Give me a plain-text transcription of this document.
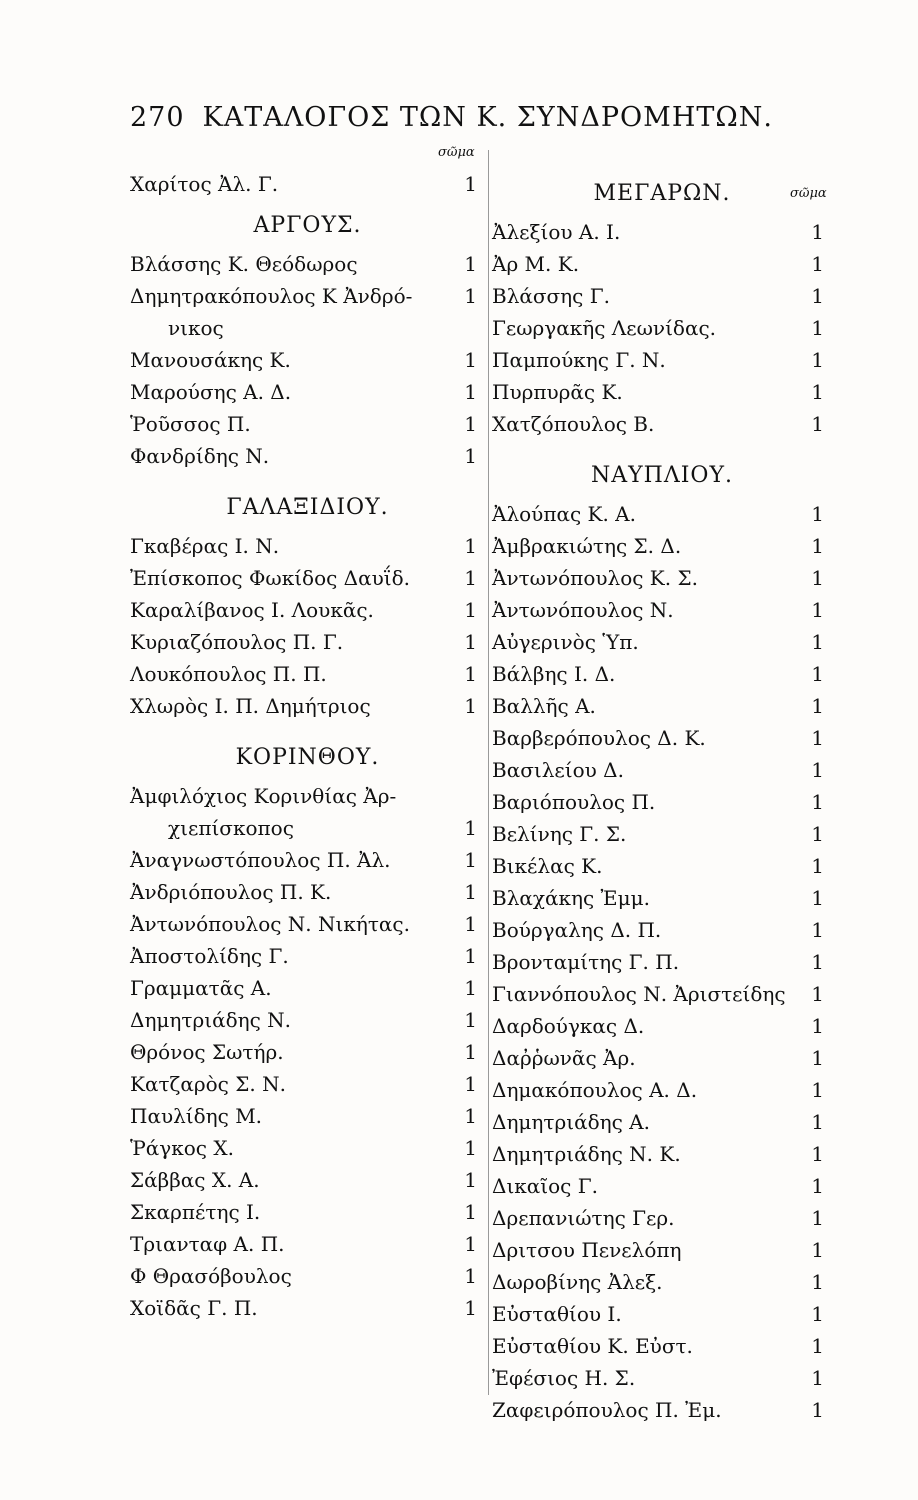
270 ΚΑΤΑΛΟΓΟΣ ΤΩΝ Κ. ΣΥΝΔΡΟΜΗΤΩΝ.
σῶμα
σῶμα
Χαρίτος Ἀλ. Γ.	1
ΑΡΓΟΥΣ.
Βλάσσης Κ. Θεόδωρος	1
Δημητρακόπουλος Κ Ἀνδρό-	1
νικος
Μανουσάκης Κ.	1
Μαρούσης Α. Δ.	1
Ῥοῦσσος Π.	1
Φανδρίδης Ν.	1
ΓΑΛΑΞΙΔΙΟΥ.
Γκαβέρας Ι. Ν.	1
Ἐπίσκοπος Φωκίδος Δαυΐδ.	1
Καραλίβανος Ι. Λουκᾶς.	1
Κυριαζόπουλος Π. Γ.	1
Λουκόπουλος Π. Π.	1
Χλωρὸς Ι. Π. Δημήτριος	1
ΚΟΡΙΝΘΟΥ.
Ἀμφιλόχιος Κορινθίας Ἀρ-
χιεπίσκοπος	1
Ἀναγνωστόπουλος Π. Ἀλ.	1
Ἀνδριόπουλος Π. Κ.	1
Ἀντωνόπουλος Ν. Νικήτας.	1
Ἀποστολίδης Γ.	1
Γραμματᾶς Α.	1
Δημητριάδης Ν.	1
Θρόνος Σωτήρ.	1
Κατζαρὸς Σ. Ν.	1
Παυλίδης Μ.	1
Ῥάγκος Χ.	1
Σάββας Χ. Α.	1
Σκαρπέτης Ι.	1
Τριανταφ Α. Π.	1
Φ Θρασόβουλος	1
Χοϊδᾶς Γ. Π.	1
ΜΕΓΑΡΩΝ.
Ἀλεξίου Α. Ι.	1
Ἀρ Μ. Κ.	1
Βλάσσης Γ.	1
Γεωργακῆς Λεωνίδας.	1
Παμπούκης Γ. Ν.	1
Πυρπυρᾶς Κ.	1
Χατζόπουλος Β.	1
ΝΑΥΠΛΙΟΥ.
Ἀλούπας Κ. Α.	1
Ἀμβρακιώτης Σ. Δ.	1
Ἀντωνόπουλος Κ. Σ.	1
Ἀντωνόπουλος Ν.	1
Αὐγερινὸς Ὑπ.	1
Βάλβης Ι. Δ.	1
Βαλλῆς Α.	1
Βαρβερόπουλος Δ. Κ.	1
Βασιλείου Δ.	1
Βαριόπουλος Π.	1
Βελίνης Γ. Σ.	1
Βικέλας Κ.	1
Βλαχάκης Ἐμμ.	1
Βούργαλης Δ. Π.	1
Βρονταμίτης Γ. Π.	1
Γιαννόπουλος Ν. Ἀριστείδης 1
Δαρδούγκας Δ.	1
Δαῤῥωνᾶς Ἀρ.	1
Δημακόπουλος Α. Δ.	1
Δημητριάδης Α.	1
Δημητριάδης Ν. Κ.	1
Δικαῖος Γ.	1
Δρεπανιώτης Γερ.	1
Δριτσου Πενελόπη	1
Δωροβίνης Ἀλεξ.	1
Εὐσταθίου Ι.	1
Εὐσταθίου Κ. Εὐστ.	1
Ἐφέσιος Η. Σ.	1
Ζαφειρόπουλος Π. Ἐμ.	1
